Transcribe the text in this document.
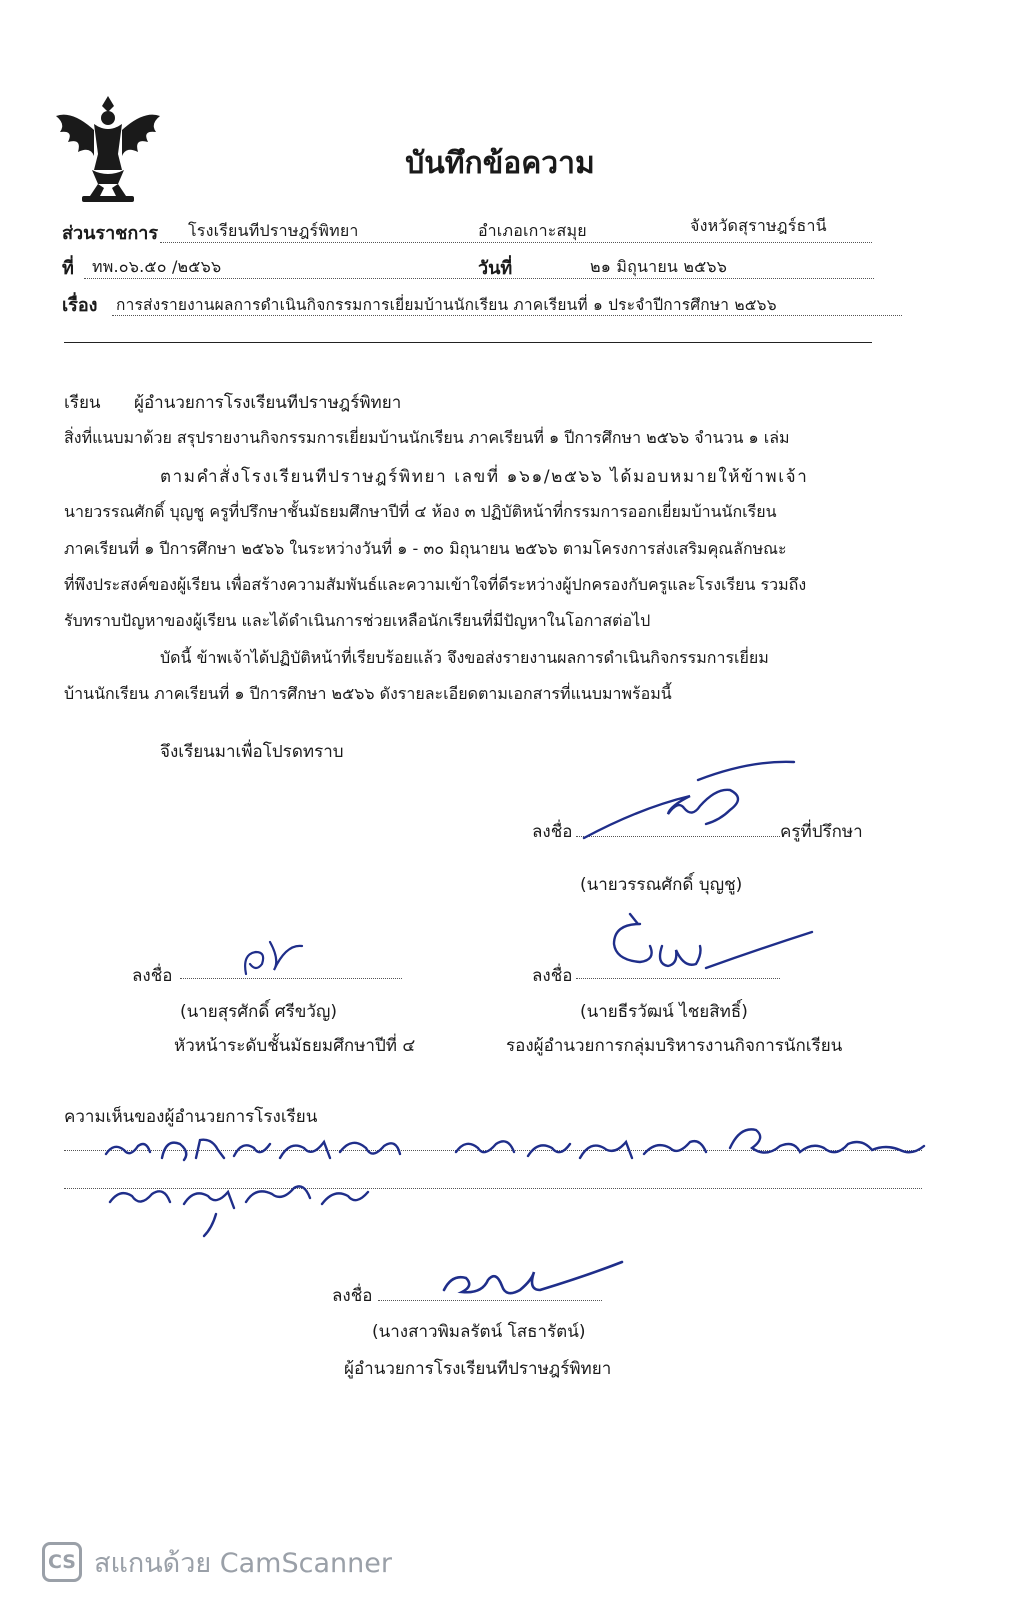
บันทึกข้อความ
ส่วนราชการ โรงเรียนทีปราษฎร์พิทยา	อำเภอเกาะสมุย	จังหวัดสุราษฎร์ธานี
ที่ ทพ.๐๖.๕๐ /๒๕๖๖	วันที่	๒๑ มิถุนายน ๒๕๖๖
เรื่อง การส่งรายงานผลการดำเนินกิจกรรมการเยี่ยมบ้านนักเรียน ภาคเรียนที่ ๑ ประจำปีการศึกษา ๒๕๖๖
เรียน ผู้อำนวยการโรงเรียนทีปราษฎร์พิทยา
สิ่งที่แนบมาด้วย สรุปรายงานกิจกรรมการเยี่ยมบ้านนักเรียน ภาคเรียนที่ ๑ ปีการศึกษา ๒๕๖๖ จำนวน ๑ เล่ม
ตามคำสั่งโรงเรียนทีปราษฎร์พิทยา เลขที่ ๑๖๑/๒๕๖๖ ได้มอบหมายให้ข้าพเจ้า
นายวรรณศักดิ์ บุญชู ครูที่ปรึกษาชั้นมัธยมศึกษาปีที่ ๔ ห้อง ๓ ปฏิบัติหน้าที่กรรมการออกเยี่ยมบ้านนักเรียน
ภาคเรียนที่ ๑ ปีการศึกษา ๒๕๖๖ ในระหว่างวันที่ ๑ - ๓๐ มิถุนายน ๒๕๖๖ ตามโครงการส่งเสริมคุณลักษณะ
ที่พึงประสงค์ของผู้เรียน เพื่อสร้างความสัมพันธ์และความเข้าใจที่ดีระหว่างผู้ปกครองกับครูและโรงเรียน รวมถึง
รับทราบปัญหาของผู้เรียน และได้ดำเนินการช่วยเหลือนักเรียนที่มีปัญหาในโอกาสต่อไป
บัดนี้ ข้าพเจ้าได้ปฏิบัติหน้าที่เรียบร้อยแล้ว จึงขอส่งรายงานผลการดำเนินกิจกรรมการเยี่ยม
บ้านนักเรียน ภาคเรียนที่ ๑ ปีการศึกษา ๒๕๖๖ ดังรายละเอียดตามเอกสารที่แนบมาพร้อมนี้
จึงเรียนมาเพื่อโปรดทราบ
ลงชื่อ	ครูที่ปรึกษา
(นายวรรณศักดิ์ บุญชู)
ลงชื่อ
(นายสุรศักดิ์ ศรีขวัญ)
หัวหน้าระดับชั้นมัธยมศึกษาปีที่ ๔
ลงชื่อ
(นายธีรวัฒน์ ไชยสิทธิ์)
รองผู้อำนวยการกลุ่มบริหารงานกิจการนักเรียน
ความเห็นของผู้อำนวยการโรงเรียน
ลงชื่อ
(นางสาวพิมลรัตน์ โสธารัตน์)
ผู้อำนวยการโรงเรียนทีปราษฎร์พิทยา
CS สแกนด้วย CamScanner
